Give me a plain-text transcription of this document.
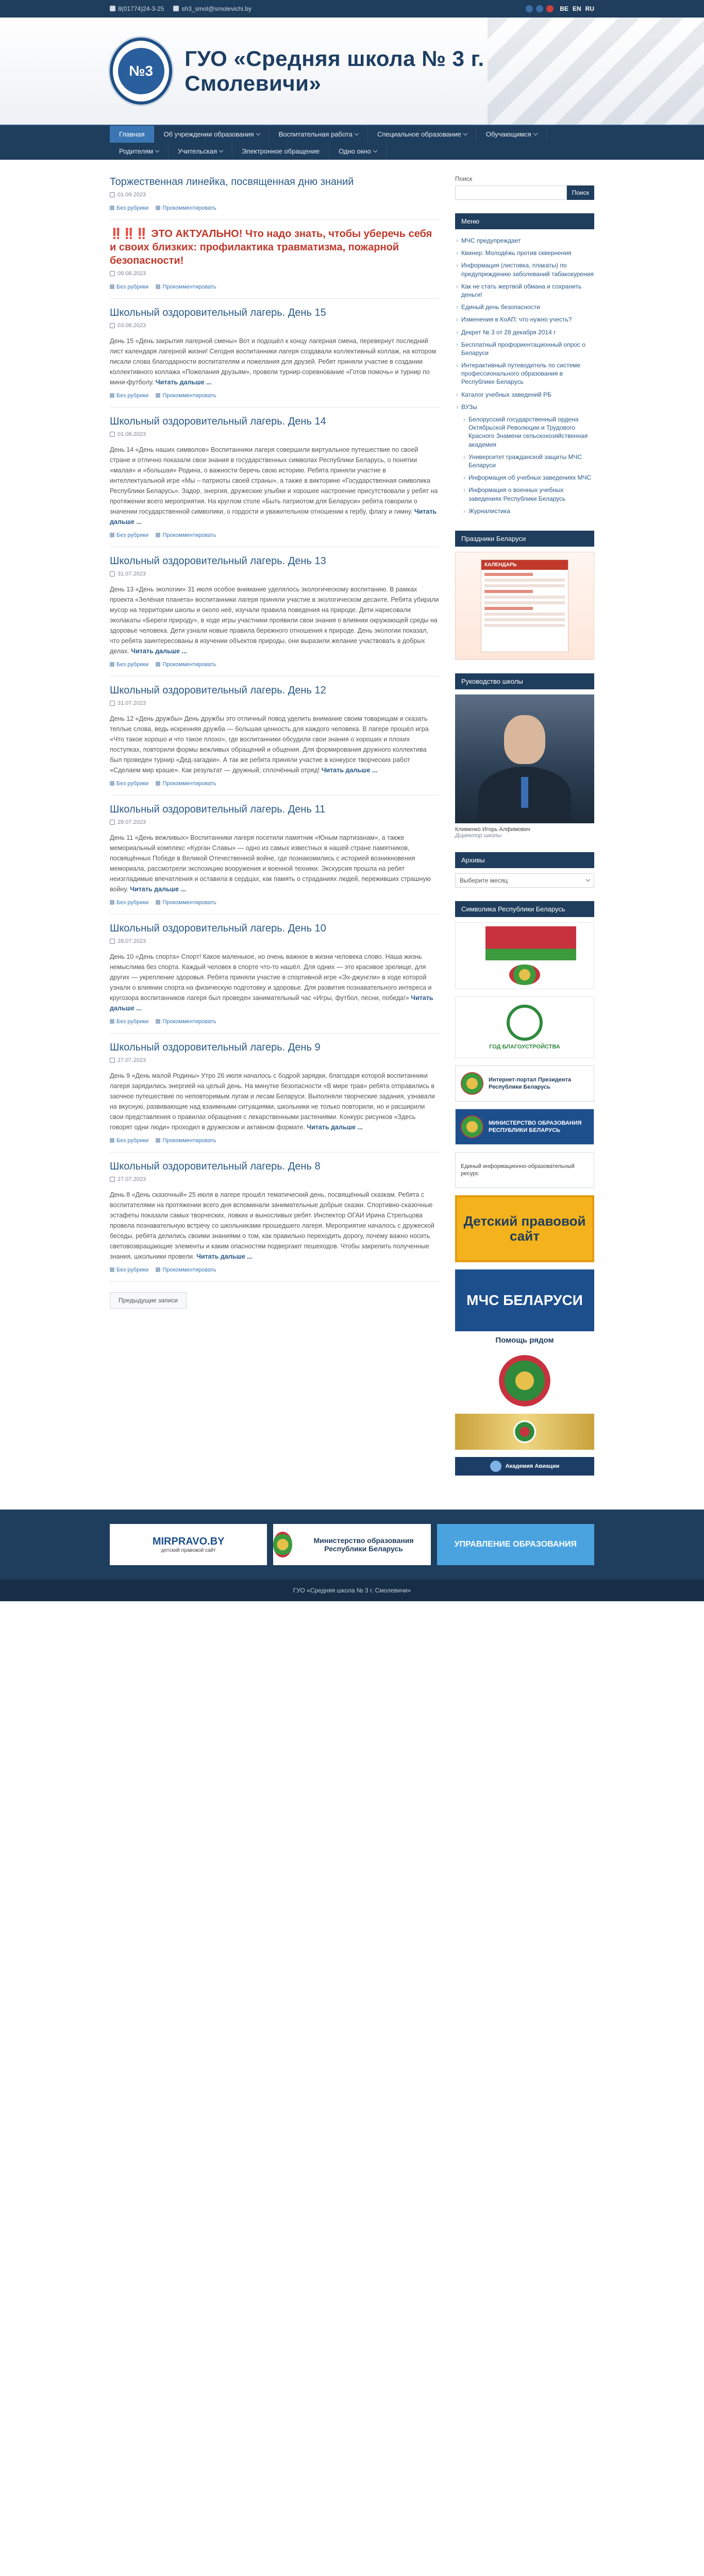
8(01774)24-3-25	sh3_smol@smolevichi.by	BE EN RU
№3
ГУО «Средняя школа № 3 г. Смолевичи»
Главная	Об учреждении образования	Воспитательная работа	Специальное образование	Обучающимся
Родителям	Учительская	Электронное обращение	Одно окно
Торжественная линейка, посвященная дню знаний
01.09.2023
Без рубрики	Прокомментировать
‼️‼️‼️ ЭТО АКТУАЛЬНО! Что надо знать, чтобы уберечь себя и своих близких: профилактика травматизма, пожарной безопасности!
09.08.2023
Без рубрики	Прокомментировать
Школьный оздоровительный лагерь. День 15
03.08.2023

День 15 «День закрытия лагерной смены» Вот и подошёл к концу лагерная смена, перевернут последний лист календаря лагерной жизни! Сегодня воспитанники лагеря создавали коллективный коллаж, на котором писали слова благодарности воспитателям и пожелания для друзей. Ребят приняли участие в создании коллективного коллажа «Пожелания друзьям», провели турнир-соревнование «Готов помочь» и турнир по мини-футболу. Читать дальше ...

Без рубрики	Прокомментировать
Школьный оздоровительный лагерь. День 14
01.08.2023

День 14 «День наших символов» Воспитанники лагеря совершили виртуальное путешествие по своей стране и отлично показали свои знания в государственных символах Республики Беларусь, о понятии «малая» и «большая» Родина, о важности беречь свою историю. Ребята приняли участие в интеллектуальной игре «Мы – патриоты своей страны», а также в викторине «Государственная символика Республики Беларусь». Задор, энергия, дружеские улыбки и хорошее настроение присутствовали у ребят на протяжении всего мероприятия. На круглом столе «Быть патриотом для Беларуси» ребята говорили о значении государственной символики, о гордости и уважительном отношении к гербу, флагу и гимну. Читать дальше ...

Без рубрики	Прокомментировать
Школьный оздоровительный лагерь. День 13
31.07.2023

День 13 «День экологии» 31 июля особое внимание уделялось экологическому воспитанию. В рамках проекта «Зелёная планета» воспитанники лагеря приняли участие в экологическом десанте. Ребята убирали мусор на территории школы и около неё, изучали правила поведения на природе. Дети нарисовали эколакаты «Береги природу», в ходе игры участники проявили свои знания о влиянии окружающей среды на здоровье человека. Дети узнали новые правила бережного отношения к природе. День экологии показал, что ребята заинтересованы в изучении объектов природы, они выразили желание участвовать в добрых делах. Читать дальше ...

Без рубрики	Прокомментировать
Школьный оздоровительный лагерь. День 12
31.07.2023

День 12 «День дружбы» День дружбы это отличный повод уделить внимание своим товарищам и сказать теплые слова, ведь искренняя дружба — большая ценность для каждого человека. В лагере прошёл игра «Что такое хорошо и что такое плохо», где воспитанники обсудили свои знания о хороших и плохих поступках, повторили формы вежливых обращений и общения. Для формирования дружного коллектива был проведен турнир «Дед-загадки». А так же ребята приняли участие в конкурсе творческих работ «Сделаем мир краше». Как результат — дружный, сплочённый отряд! Читать дальше ...

Без рубрики	Прокомментировать
Школьный оздоровительный лагерь. День 11
28.07.2023

День 11 «День вежливых» Воспитанники лагеря посетили памятник «Юным партизанам», а также мемориальный комплекс «Курган Славы» — одно из самых известных в нашей стране памятников, посвящённых Победе в Великой Отечественной войне, где познакомились с историей возникновения мемориала, рассмотрели экспозицию вооружения и военной техники. Экскурсия прошла на ребят неизгладимые впечатления и оставила в сердцах, как память о страданиях людей, переживших страшную войну. Читать дальше ...

Без рубрики	Прокомментировать
Школьный оздоровительный лагерь. День 10
28.07.2023

День 10 «День спорта» Спорт! Какое маленькое, но очень важное в жизни человека слово. Наша жизнь немыслима без спорта. Каждый человек в спорте что-то нашёл. Для одних — это красивое зрелище, для других — укрепление здоровья. Ребята приняли участие в спортивной игре «Эх-джунгли» в ходе которой узнали о влиянии спорта на физическую подготовку и здоровье. Для развития познавательного интереса и кругозора воспитанников лагеря был проведен занимательный час «Игры, футбол, песни, победа!» Читать дальше ...

Без рубрики	Прокомментировать
Школьный оздоровительный лагерь. День 9
27.07.2023

День 9 «День малой Родины» Утро 26 июля началось с бодрой зарядки, благодаря которой воспитанники лагеря зарядились энергией на целый день. На минутке безопасности «В мире трав» ребята отправились в заочное путешествие по неповторимым лугам и лесам Беларуси. Выполняли творческие задания, узнавали на вкусную, развивающие над взаимными ситуациями, школьники не только повторили, но и расширили свои представления о правилах обращения с лекарственными растениями. Конкурс рисунков «Здесь говорят одни люди» проходил в дружеском и активном формате. Читать дальше ...

Без рубрики	Прокомментировать
Школьный оздоровительный лагерь. День 8
27.07.2023

День 8 «День сказочный» 25 июля в лагере прошёл тематический день, посвящённый сказкам. Ребята с воспитателями на протяжении всего дня вспоминали занимательные добрые сказки. Спортивно-сказочные эстафеты показали самых творческих, ловких и выносливых ребят. Инспектор ОГАИ Ирина Стрельцова провела познавательную встречу со школьниками прошедшего лагеря. Мероприятие началось с дружеской беседы, ребята делились своими знаниями о том, как правильно переходить дорогу, почему важно носить световозвращающие элементы и каким опасностям подвергают пешеходов. Чтобы закрепить полученные знания, школьники провели. Читать дальше ...

Без рубрики	Прокомментировать
Предыдущие записи
Поиск
Поиск
Меню
› МЧС предупреждает
› Квинер: Молодёжь против сквернения
› Информация (листовка, плакаты) по предупреждению заболеваний табакокурения
› Как не стать жертвой обмана и сохранить деньги!
› Единый день безопасности
› Изменения в КоАП: что нужно учесть?
› Декрет № 3 от 28 декабря 2014 г
› Бесплатный профориентационный опрос о Беларуси
› Интерактивный путеводитель по системе профессионального образования в Республике Беларусь
› Каталог учебных заведений РБ
› ВУЗы
› Белорусский государственный ордена Октябрьской Революции и Трудового Красного Знамени сельскохозяйственная академия
› Университет гражданской защиты МЧС Беларуси
› Информация об учебных заведениях МЧС
› Информация о военных учебных заведениях Республики Беларусь
› Журналистика
Праздники Беларуси
КАЛЕНДАРЬ
Руководство школы
Клименко Игорь Алфимович
Директор школы
Архивы
Выберите месяц
Символика Республики Беларусь
ГОД БЛАГОУСТРОЙСТВА
Интернет-портал Президента Республики Беларусь
МИНИСТЕРСТВО ОБРАЗОВАНИЯ РЕСПУБЛИКИ БЕЛАРУСЬ
Единый информационно-образовательный ресурс
Детский правовой сайт
МЧС БЕЛАРУСИ
Помощь рядом
Академия Авиации
MIRPRAVO.BY
детский правовой сайт
Министерство образования Республики Беларусь
УПРАВЛЕНИЕ ОБРАЗОВАНИЯ
ГУО «Средняя школа № 3 г. Смолевичи»
